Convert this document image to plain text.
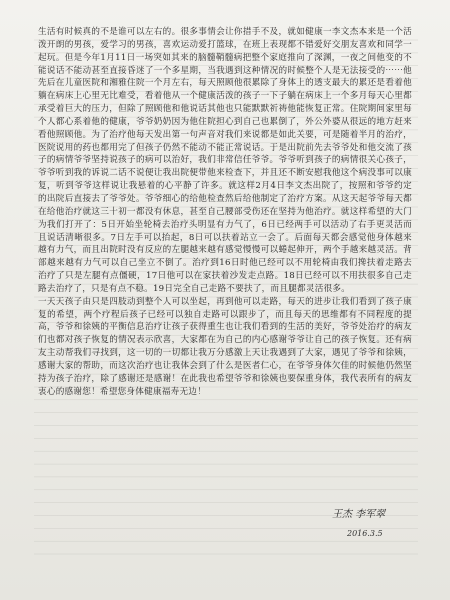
生活有时候真的不是谁可以左右的。很多事情会让你措手不及，就如健康一李文杰本来是一个活泼开朗的男孩，爱学习的男孩，喜欢运动爱打篮球，在班上表现都不错爱好交朋友喜欢和同学一起玩。但是今年1月11日一场突如其来的脑髓鞘髓病把整个家庭推向了深渊，一夜之间他变的不能说话不能动甚至直接昏迷了一个多星期，当我遇到这种情况的时候整个人是无法接受的⋯⋯他先后在儿童医院和湘雅住院一个月左右，每天照顾他很累除了身体上的透支最大的累还是看着他躺在病床上心里无比难受，看着他从一个健康活泼的孩子一下子躺在病床上一个多月每天心里都承受着巨大的压力，但除了照顾他和他说话其他也只能默默祈祷他能恢复正常。住院期间家里每个人都心系着他的健康，爷爷奶奶因为他住院担心到自己也累倒了，外公外婆从很远的地方赶来看他照顾他。为了治疗他每天发出第一句声音对我们来说都是如此关要，可是随着半月的治疗，医院说用的药也都用完了但孩子仍然不能动不能正常说话。于是出院前先去爷爷处和他交流了孩子的病情爷爷坚持说孩子的病可以治好，我们非常信任爷爷。爷爷听到孩子的病情很关心孩子，爷爷听到我的诉说二话不说便让我出院便带他来检查下，并且还不断安慰我他这个病没事可以康复，听到爷爷这样说让我悬着的心平静了许多。就这样2月4日李文杰出院了，按照和爷爷约定的出院后直接去了爷爷处。爷爷细心的给他检查然后给他制定了治疗方案。从这天起爷爷每天都在给他治疗就这三十初一都没有休息，甚至自己腰部受伤还在坚持为他治疗。就这样希望的大门为我们打开了：5日开始坐轮椅去治疗头明显有力气了，6日已经两手可以活动了右手更灵活而且说话清晰很多。7日左手可以抬起，8日可以扶着站立一会了。后面每天都会感觉他身体越来越有力气，而且出院时没有反应的左腿越来越有感觉慢慢可以蜷起伸开，两个手越来越灵活。背部越来越有力气可以自己坐立不倒了。治疗到16日时他已经可以不用轮椅由我们搀扶着走路去治疗了只是左腿有点僵硬，17日他可以在家扶着沙发走点路。18日已经可以不用扶很多自己走路去治疗了，只是有点不稳。19日完全自己走路不要扶了，而且腿都灵活很多。

一天天孩子由只是四肢动到整个人可以坐起，再到他可以走路，每天的进步让我们看到了孩子康复的希望，两个疗程后孩子已经可以独自走路可以跟步了，而且每天的思维都有不同程度的提高，爷爷和徐姨的平衡信息治疗让孩子获得重生也让我们看到的生活的美好，爷爷处治疗的病友们也都对孩子恢复的情况表示欣喜，大家都在为自己的内心感谢爷爷让自己的孩子恢复。还有病友主动帮我们寻找到，这一切的一切都让我万分感激上天让我遇到了大家，遇见了爷爷和徐姨，感谢大家的帮助，而这次治疗也让我体会到了什么是医者仁心，在爷爷身体欠佳的时候他仍然坚持为孩子治疗，除了感谢还是感谢！在此我也希望爷爷和徐姨也要保重身体，我代表所有的病友衷心的感谢您！希望您身体健康福寿无边！

王杰 李军翠
2016.3.5
